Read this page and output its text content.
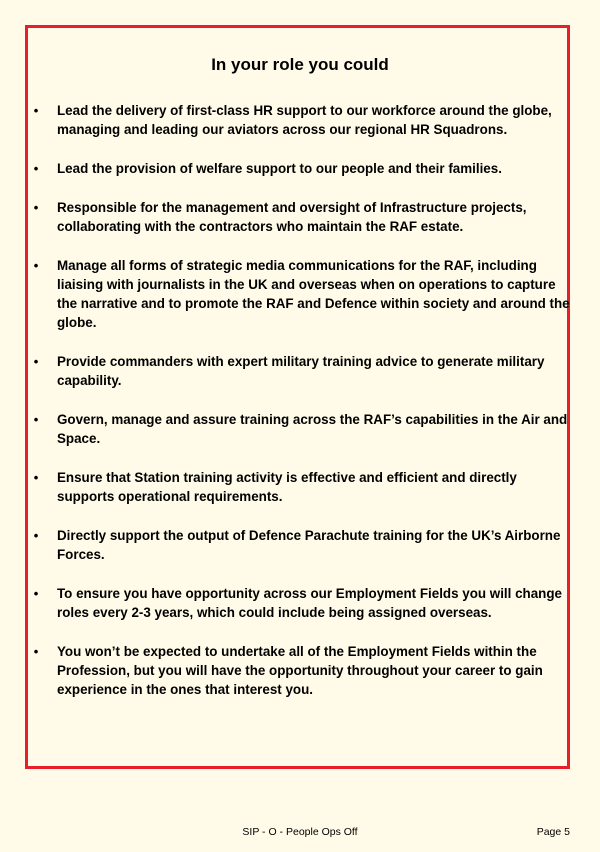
In your role you could
• Lead the delivery of first-class HR support to our workforce around the globe, managing and leading our aviators across our regional HR Squadrons.
• Lead the provision of welfare support to our people and their families.
• Responsible for the management and oversight of Infrastructure projects, collaborating with the contractors who maintain the RAF estate.
• Manage all forms of strategic media communications for the RAF, including liaising with journalists in the UK and overseas when on operations to capture the narrative and to promote the RAF and Defence within society and around the globe.
• Provide commanders with expert military training advice to generate military capability.
• Govern, manage and assure training across the RAF’s capabilities in the Air and Space.
• Ensure that Station training activity is effective and efficient and directly supports operational requirements.
• Directly support the output of Defence Parachute training for the UK’s Airborne Forces.
• To ensure you have opportunity across our Employment Fields you will change roles every 2-3 years, which could include being assigned overseas.
• You won’t be expected to undertake all of the Employment Fields within the Profession, but you will have the opportunity throughout your career to gain experience in the ones that interest you.
SIP - O - People Ops Off	Page 5
